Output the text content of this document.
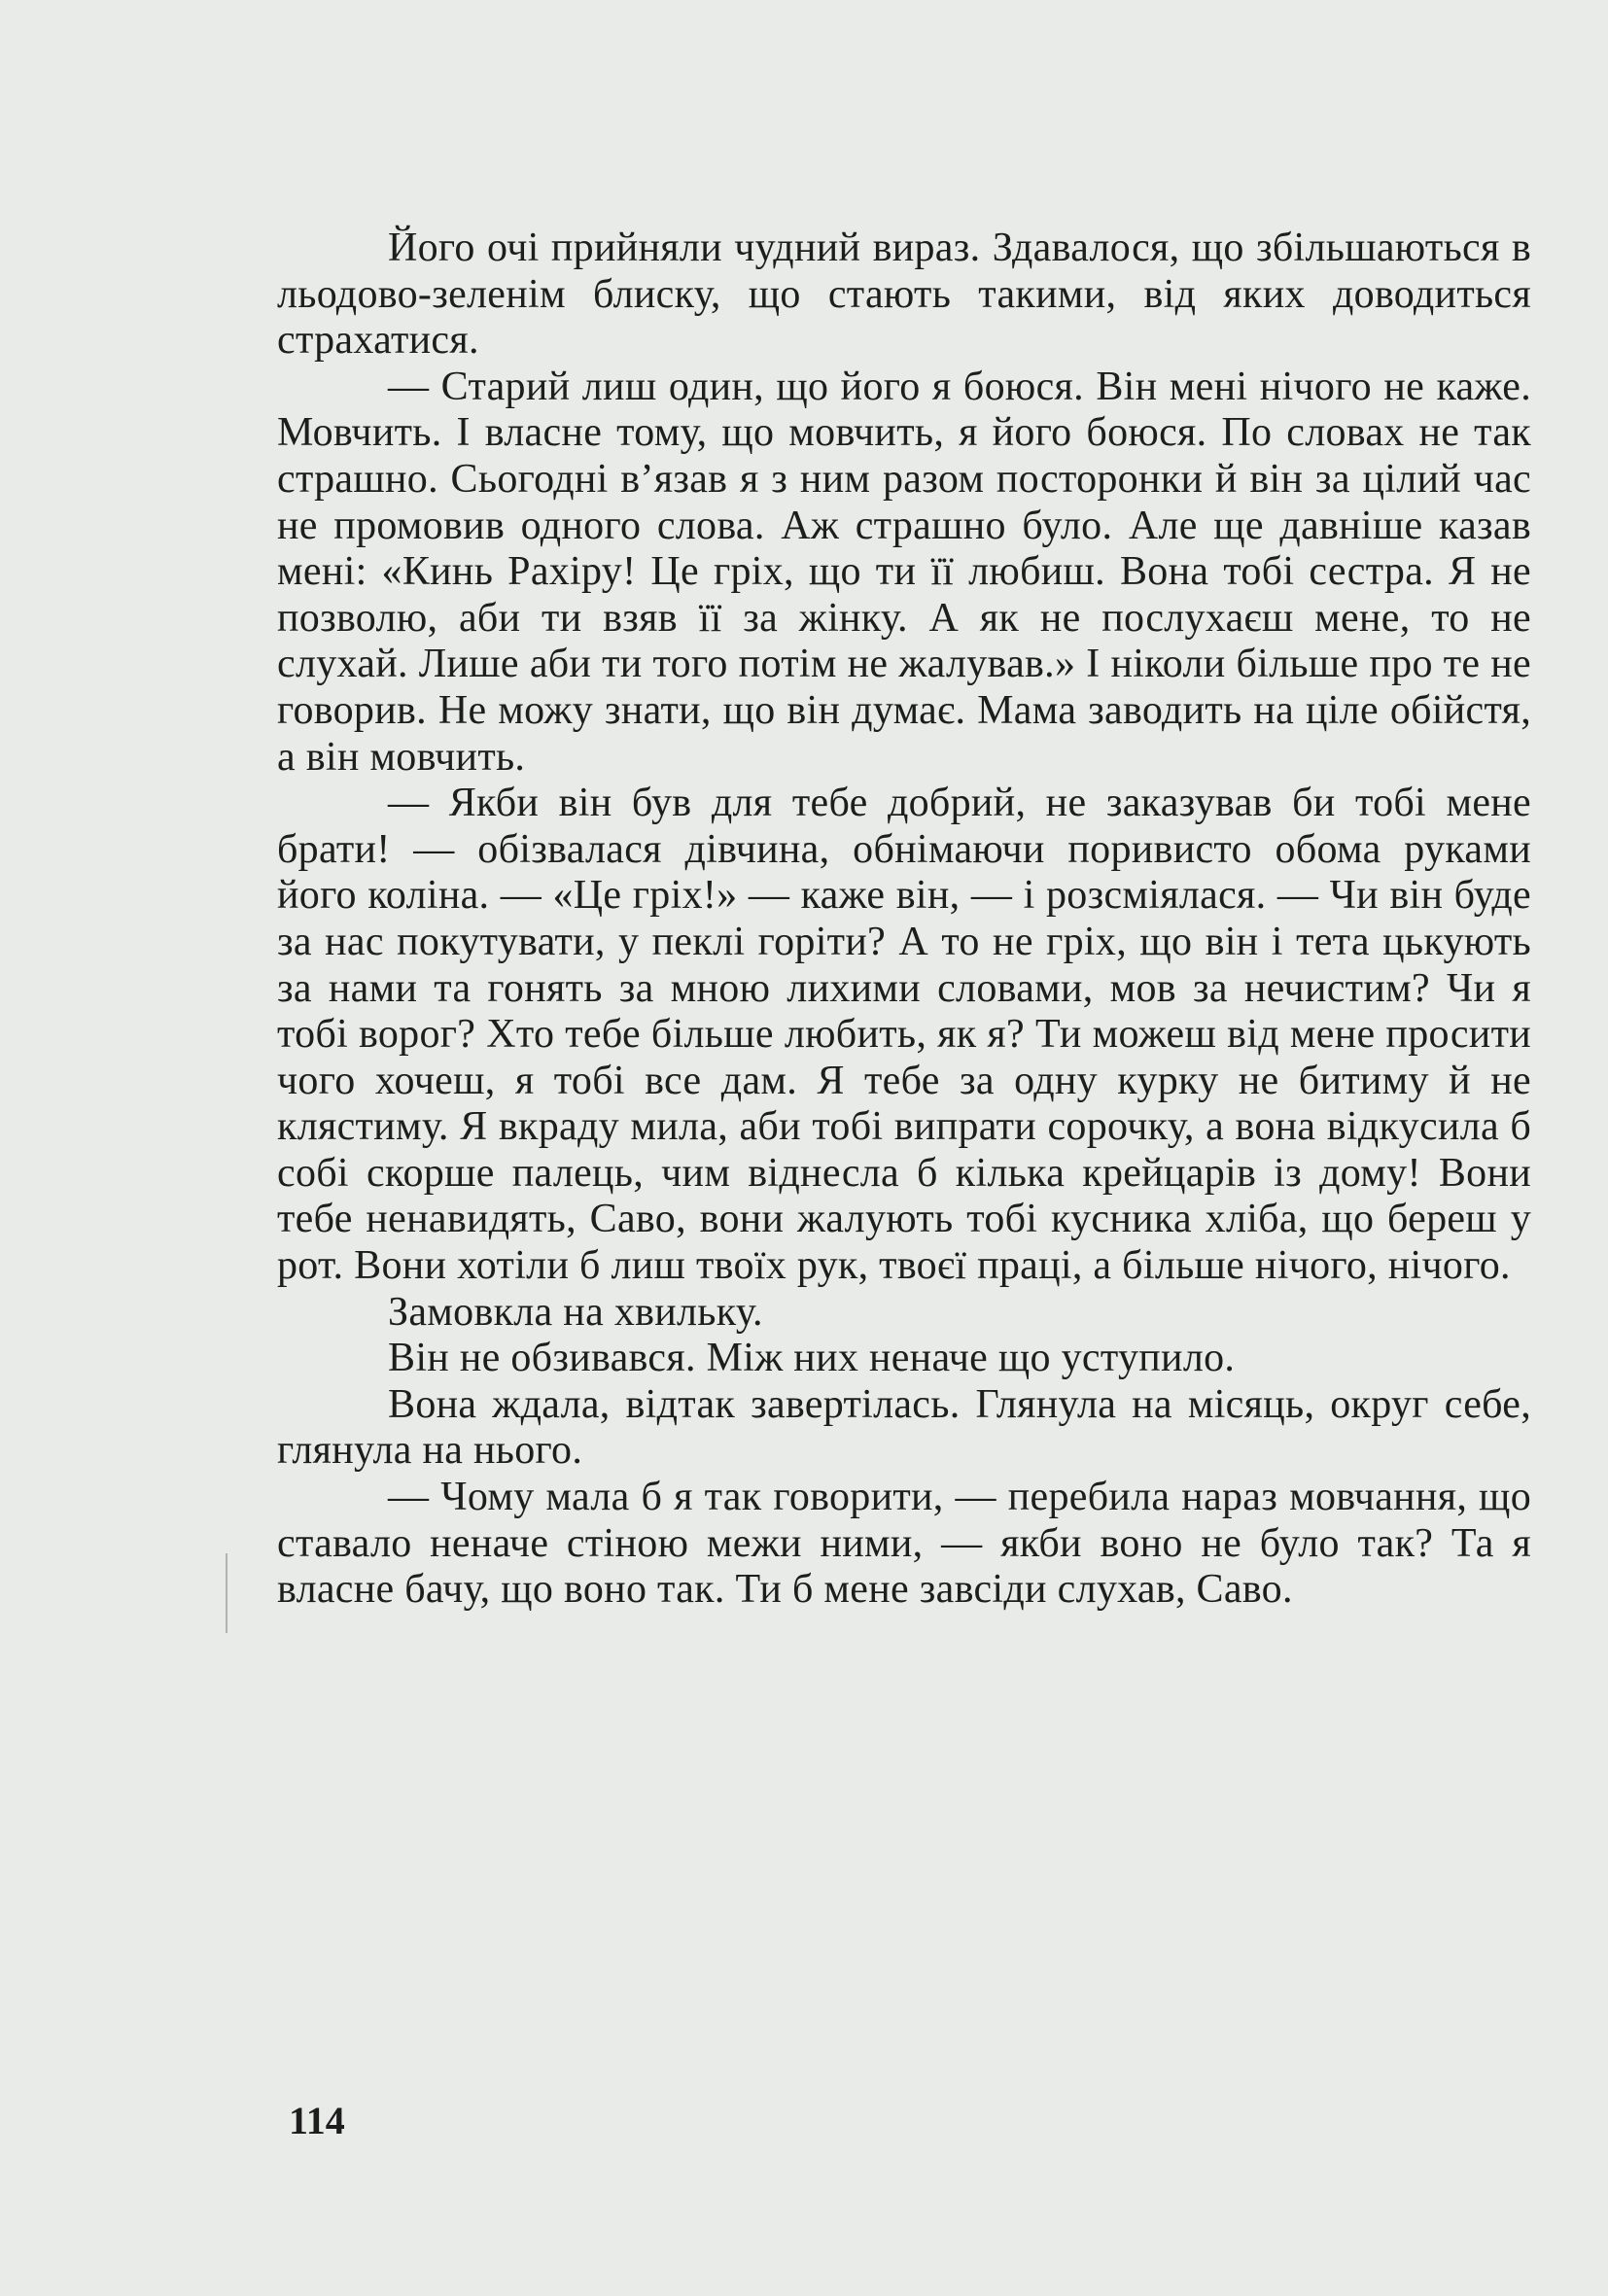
Його очі прийняли чудний вираз. Здавалося, що збільшаються в льодово-зеленім блиску, що стають такими, від яких доводиться страхатися.

— Старий лиш один, що його я боюся. Він мені нічого не каже. Мовчить. І власне тому, що мовчить, я його боюся. По словах не так страшно. Сьогодні в’язав я з ним разом посторонки й він за цілий час не промовив одного слова. Аж страшно було. Але ще давніше казав мені: «Кинь Рахіру! Це гріх, що ти її любиш. Вона тобі сестра. Я не позволю, аби ти взяв її за жінку. А як не послухаєш мене, то не слухай. Лише аби ти того потім не жалував.» І ніколи більше про те не говорив. Не можу знати, що він думає. Мама заводить на ціле обійстя, а він мовчить.

— Якби він був для тебе добрий, не заказував би тобі мене брати! — обізвалася дівчина, обнімаючи поривисто обома руками його коліна. — «Це гріх!» — каже він, — і розсміялася. — Чи він буде за нас покутувати, у пеклі горіти? А то не гріх, що він і тета цькують за нами та гонять за мною лихими словами, мов за нечистим? Чи я тобі ворог? Хто тебе більше любить, як я? Ти можеш від мене просити чого хочеш, я тобі все дам. Я тебе за одну курку не битиму й не клястиму. Я вкраду мила, аби тобі випрати сорочку, а вона відкусила б собі скорше палець, чим віднесла б кілька крейцарів із дому! Вони тебе ненавидять, Саво, вони жалують тобі кусника хліба, що береш у рот. Вони хотіли б лиш твоїх рук, твоєї праці, а більше нічого, нічого.

Замовкла на хвильку.

Він не обзивався. Між них неначе що уступило.

Вона ждала, відтак завертілась. Глянула на місяць, округ себе, глянула на нього.

— Чому мала б я так говорити, — перебила нараз мовчання, що ставало неначе стіною межи ними, — якби воно не було так? Та я власне бачу, що воно так. Ти б мене завсіди слухав, Саво.

114
